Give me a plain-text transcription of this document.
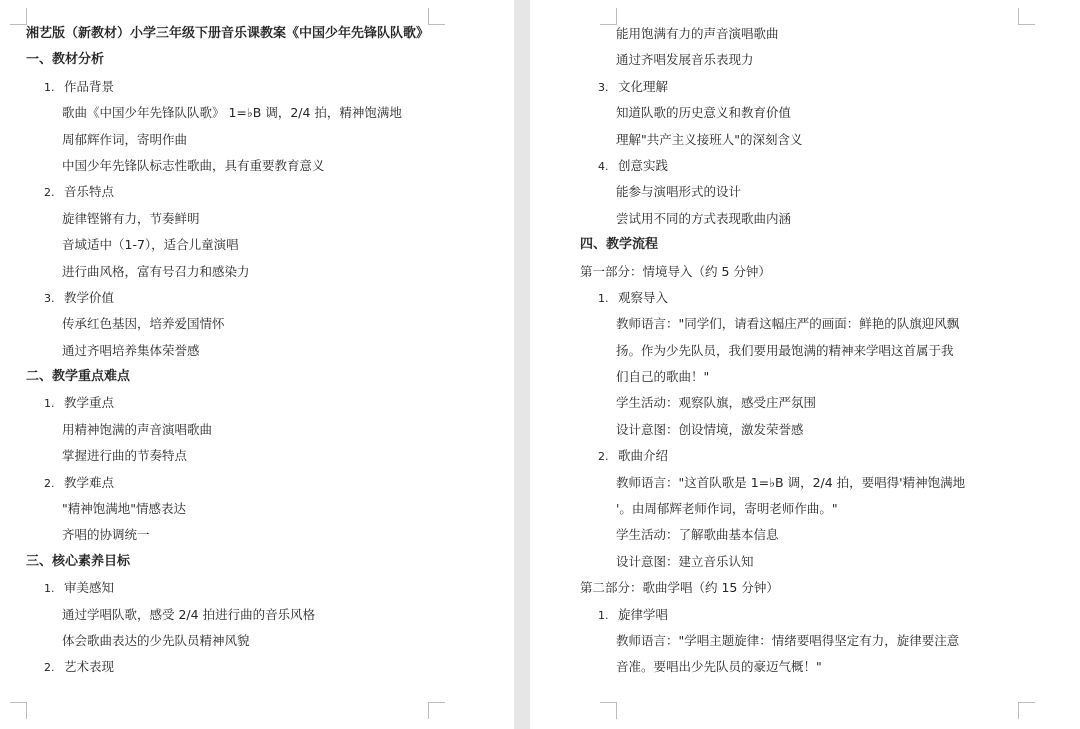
湘艺版（新教材）小学三年级下册音乐课教案《中国少年先锋队队歌》
一、教材分析
1. 作品背景
歌曲《中国少年先锋队队歌》 1=♭B 调，2/4 拍，精神饱满地
周郁辉作词，寄明作曲
中国少年先锋队标志性歌曲，具有重要教育意义
2. 音乐特点
旋律铿锵有力，节奏鲜明
音域适中（1-7），适合儿童演唱
进行曲风格，富有号召力和感染力
3. 教学价值
传承红色基因，培养爱国情怀
通过齐唱培养集体荣誉感
二、教学重点难点
1. 教学重点
用精神饱满的声音演唱歌曲
掌握进行曲的节奏特点
2. 教学难点
"精神饱满地"情感表达
齐唱的协调统一
三、核心素养目标
1. 审美感知
通过学唱队歌，感受 2/4 拍进行曲的音乐风格
体会歌曲表达的少先队员精神风貌
2. 艺术表现
能用饱满有力的声音演唱歌曲
通过齐唱发展音乐表现力
3. 文化理解
知道队歌的历史意义和教育价值
理解"共产主义接班人"的深刻含义
4. 创意实践
能参与演唱形式的设计
尝试用不同的方式表现歌曲内涵
四、教学流程
第一部分：情境导入（约 5 分钟）
1. 观察导入
教师语言："同学们，请看这幅庄严的画面：鲜艳的队旗迎风飘
扬。作为少先队员，我们要用最饱满的精神来学唱这首属于我
们自己的歌曲！"
学生活动：观察队旗，感受庄严氛围
设计意图：创设情境，激发荣誉感
2. 歌曲介绍
教师语言："这首队歌是 1=♭B 调，2/4 拍，要唱得'精神饱满地
'。由周郁辉老师作词，寄明老师作曲。"
学生活动：了解歌曲基本信息
设计意图：建立音乐认知
第二部分：歌曲学唱（约 15 分钟）
1. 旋律学唱
教师语言："学唱主题旋律：情绪要唱得坚定有力，旋律要注意
音准。要唱出少先队员的豪迈气概！"
